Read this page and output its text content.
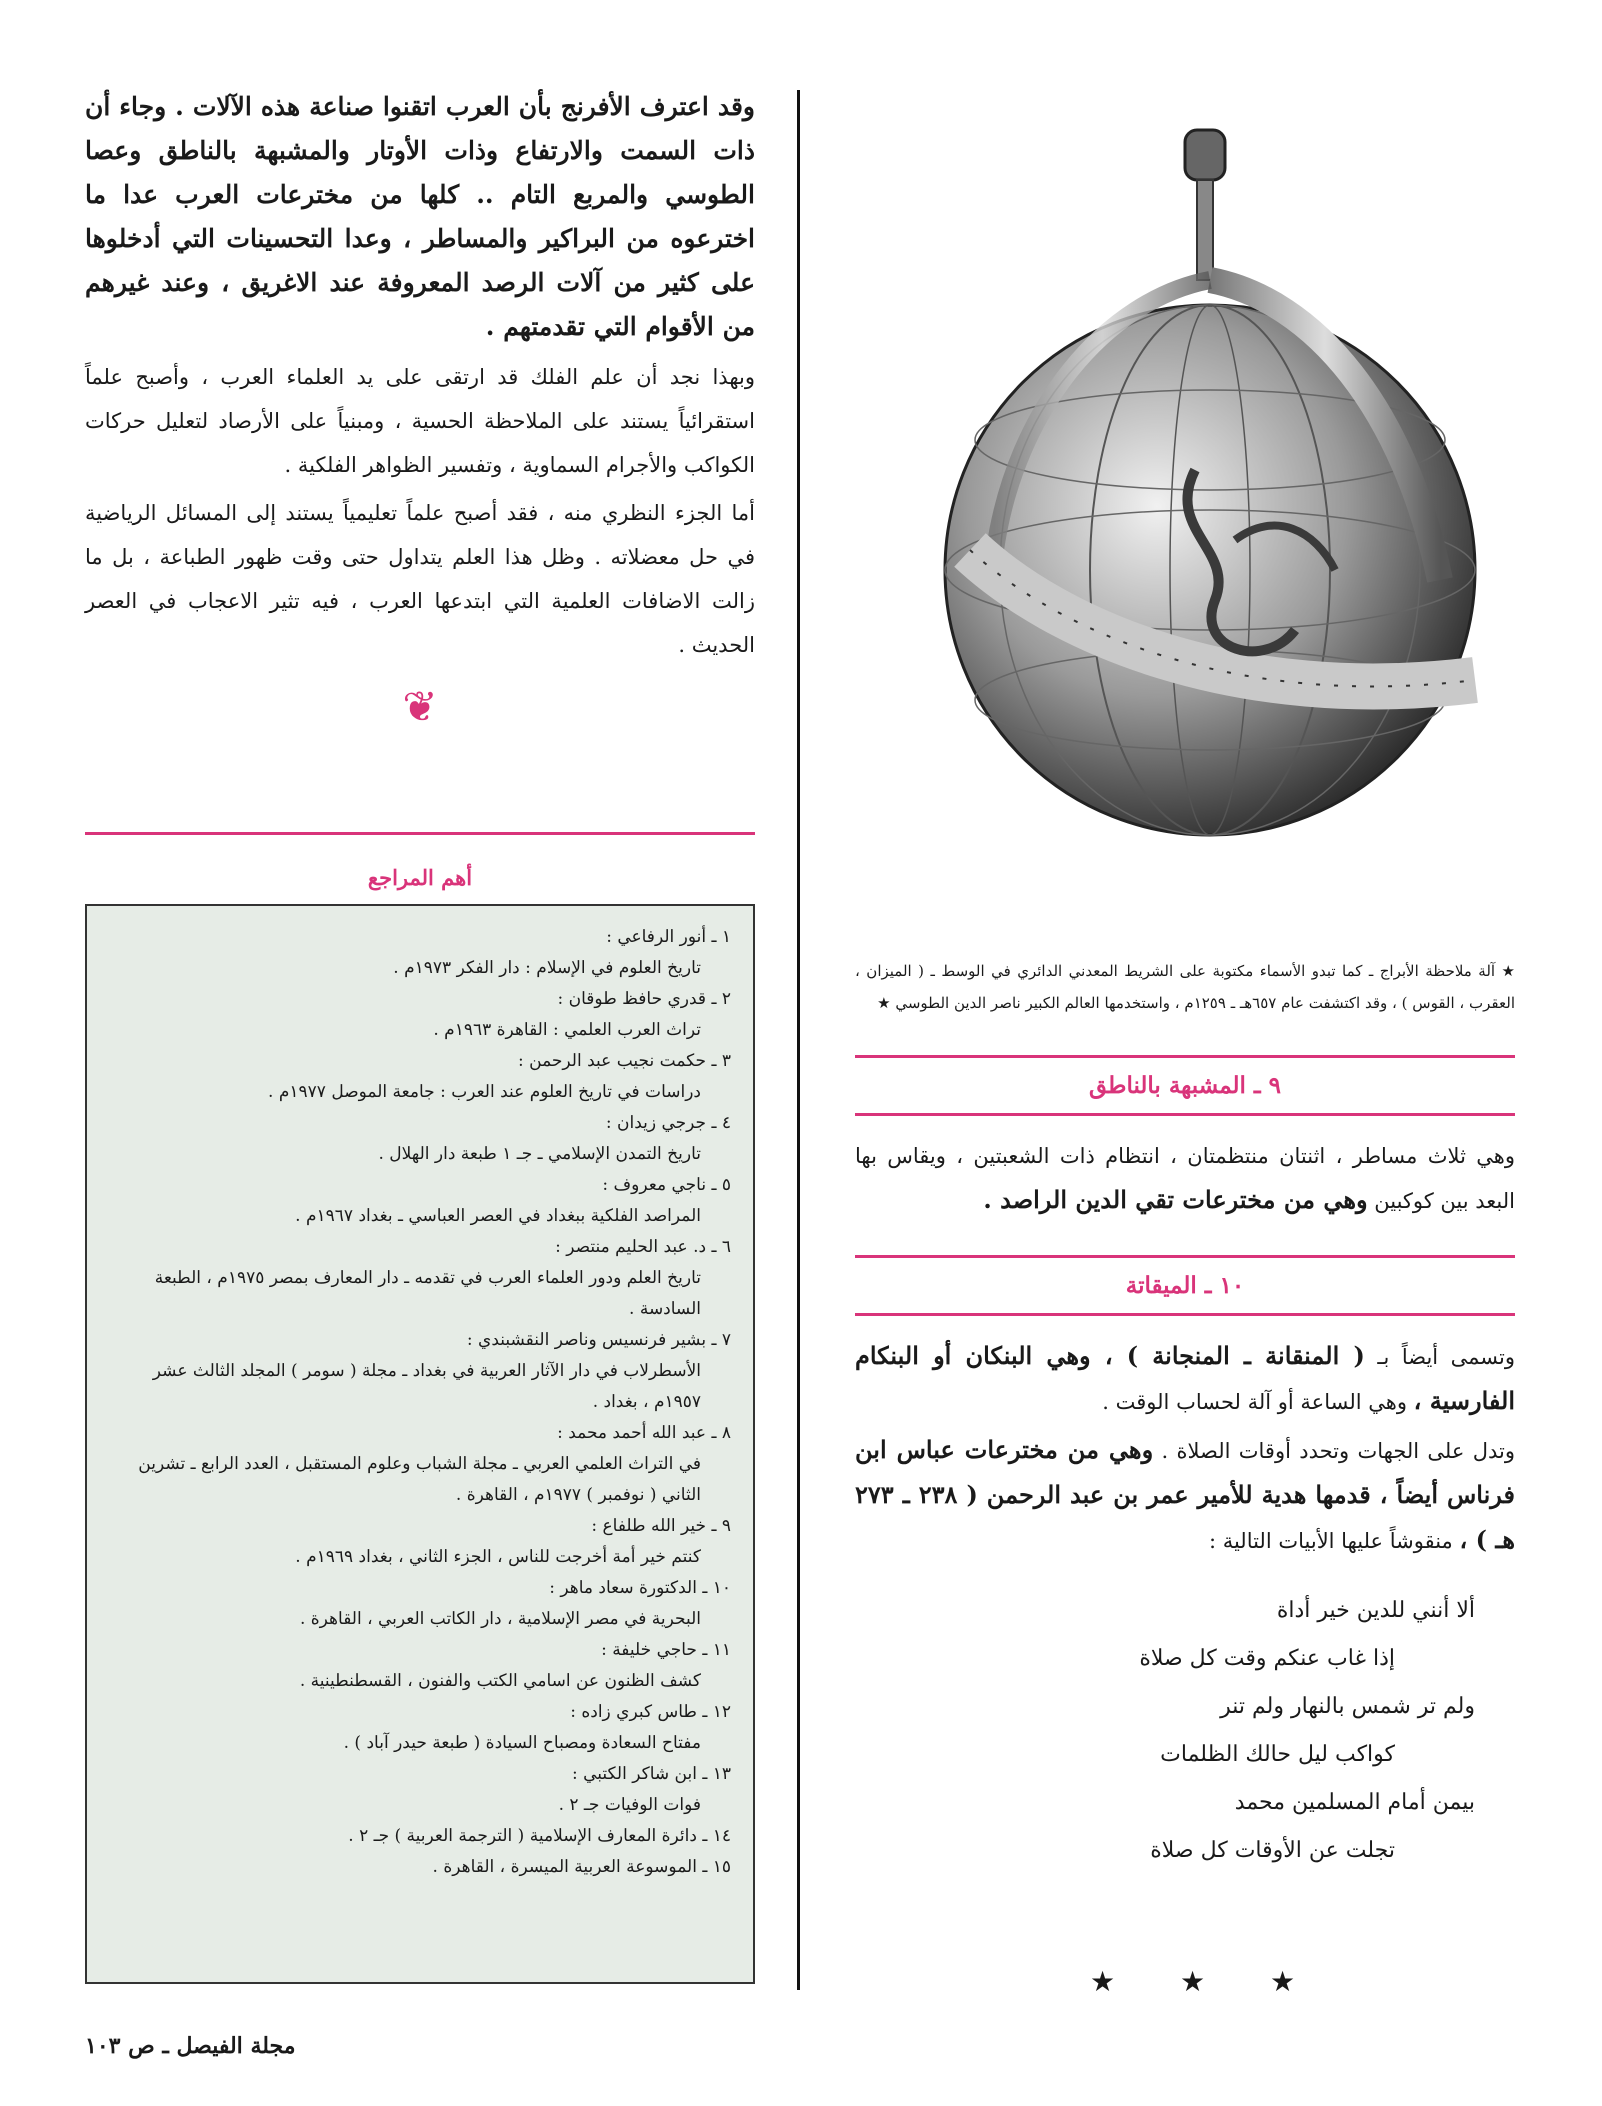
وقد اعترف الأفرنج بأن العرب اتقنوا صناعة هذه الآلات . وجاء أن ذات السمت والارتفاع وذات الأوتار والمشبهة بالناطق وعصا الطوسي والمربع التام .. كلها من مخترعات العرب عدا ما اخترعوه من البراكير والمساطر ، وعدا التحسينات التي أدخلوها على كثير من آلات الرصد المعروفة عند الاغريق ، وعند غيرهم من الأقوام التي تقدمتهم .

وبهذا نجد أن علم الفلك قد ارتقى على يد العلماء العرب ، وأصبح علماً استقرائياً يستند على الملاحظة الحسية ، ومبنياً على الأرصاد لتعليل حركات الكواكب والأجرام السماوية ، وتفسير الظواهر الفلكية .

أما الجزء النظري منه ، فقد أصبح علماً تعليمياً يستند إلى المسائل الرياضية في حل معضلاته . وظل هذا العلم يتداول حتى وقت ظهور الطباعة ، بل ما زالت الاضافات العلمية التي ابتدعها العرب ، فيه تثير الاعجاب في العصر الحديث .

❦
أهم المراجع

١ ـ أنور الرفاعي :

تاريخ العلوم في الإسلام : دار الفكر ١٩٧٣م .

٢ ـ قدري حافظ طوقان :

تراث العرب العلمي : القاهرة ١٩٦٣م .

٣ ـ حكمت نجيب عبد الرحمن :

دراسات في تاريخ العلوم عند العرب : جامعة الموصل ١٩٧٧م .

٤ ـ جرجي زيدان :

تاريخ التمدن الإسلامي ـ جـ ١ طبعة دار الهلال .

٥ ـ ناجي معروف :

المراصد الفلكية ببغداد في العصر العباسي ـ بغداد ١٩٦٧م .

٦ ـ د. عبد الحليم منتصر :

تاريخ العلم ودور العلماء العرب في تقدمه ـ دار المعارف بمصر ١٩٧٥م ، الطبعة السادسة .

٧ ـ بشير فرنسيس وناصر النقشبندي :

الأسطرلاب في دار الآثار العربية في بغداد ـ مجلة ( سومر ) المجلد الثالث عشر ١٩٥٧م ، بغداد .

٨ ـ عبد الله أحمد محمد :

في التراث العلمي العربي ـ مجلة الشباب وعلوم المستقبل ، العدد الرابع ـ تشرين الثاني ( نوفمبر ) ١٩٧٧م ، القاهرة .

٩ ـ خير الله طلفاع :

كنتم خير أمة أخرجت للناس ، الجزء الثاني ، بغداد ١٩٦٩م .

١٠ ـ الدكتورة سعاد ماهر :

البحرية في مصر الإسلامية ، دار الكاتب العربي ، القاهرة .

١١ ـ حاجي خليفة :

كشف الظنون عن اسامي الكتب والفنون ، القسطنطينية .

١٢ ـ طاس كبري زاده :

مفتاح السعادة ومصباح السيادة ( طبعة حيدر آباد ) .

١٣ ـ ابن شاكر الكتبي :

فوات الوفيات جـ ٢ .

١٤ ـ دائرة المعارف الإسلامية ( الترجمة العربية ) جـ ٢ .

١٥ ـ الموسوعة العربية الميسرة ، القاهرة .

★ آلة ملاحظة الأبراج ـ كما تبدو الأسماء مكتوبة على الشريط المعدني الدائري في الوسط ـ ( الميزان ، العقرب ، القوس ) ، وقد اكتشفت عام ٦٥٧هـ ـ ١٢٥٩م ، واستخدمها العالم الكبير ناصر الدين الطوسي ★
٩ ـ المشبهة بالناطق

وهي ثلاث مساطر ، اثنتان منتظمتان ، انتظام ذات الشعبتين ، ويقاس بها البعد بين كوكبين وهي من مخترعات تقي الدين الراصد .

١٠ ـ الميقاتة

وتسمى أيضاً بـ ( المنقانة ـ المنجانة ) ، وهي البنكان أو البنكام الفارسية ، وهي الساعة أو آلة لحساب الوقت .

وتدل على الجهات وتحدد أوقات الصلاة . وهي من مخترعات عباس ابن فرناس أيضاً ، قدمها هدية للأمير عمر بن عبد الرحمن ( ٢٣٨ ـ ٢٧٣ هـ ) ، منقوشاً عليها الأبيات التالية :

ألا أنني للدين خير أداة

إذا غاب عنكم وقت كل صلاة

ولم تر شمس بالنهار ولم تنر

كواكب ليل حالك الظلمات

بيمن أمام المسلمين محمد

تجلت عن الأوقات كل صلاة

★ ★ ★
مجلة الفيصل ـ ص ١٠٣
